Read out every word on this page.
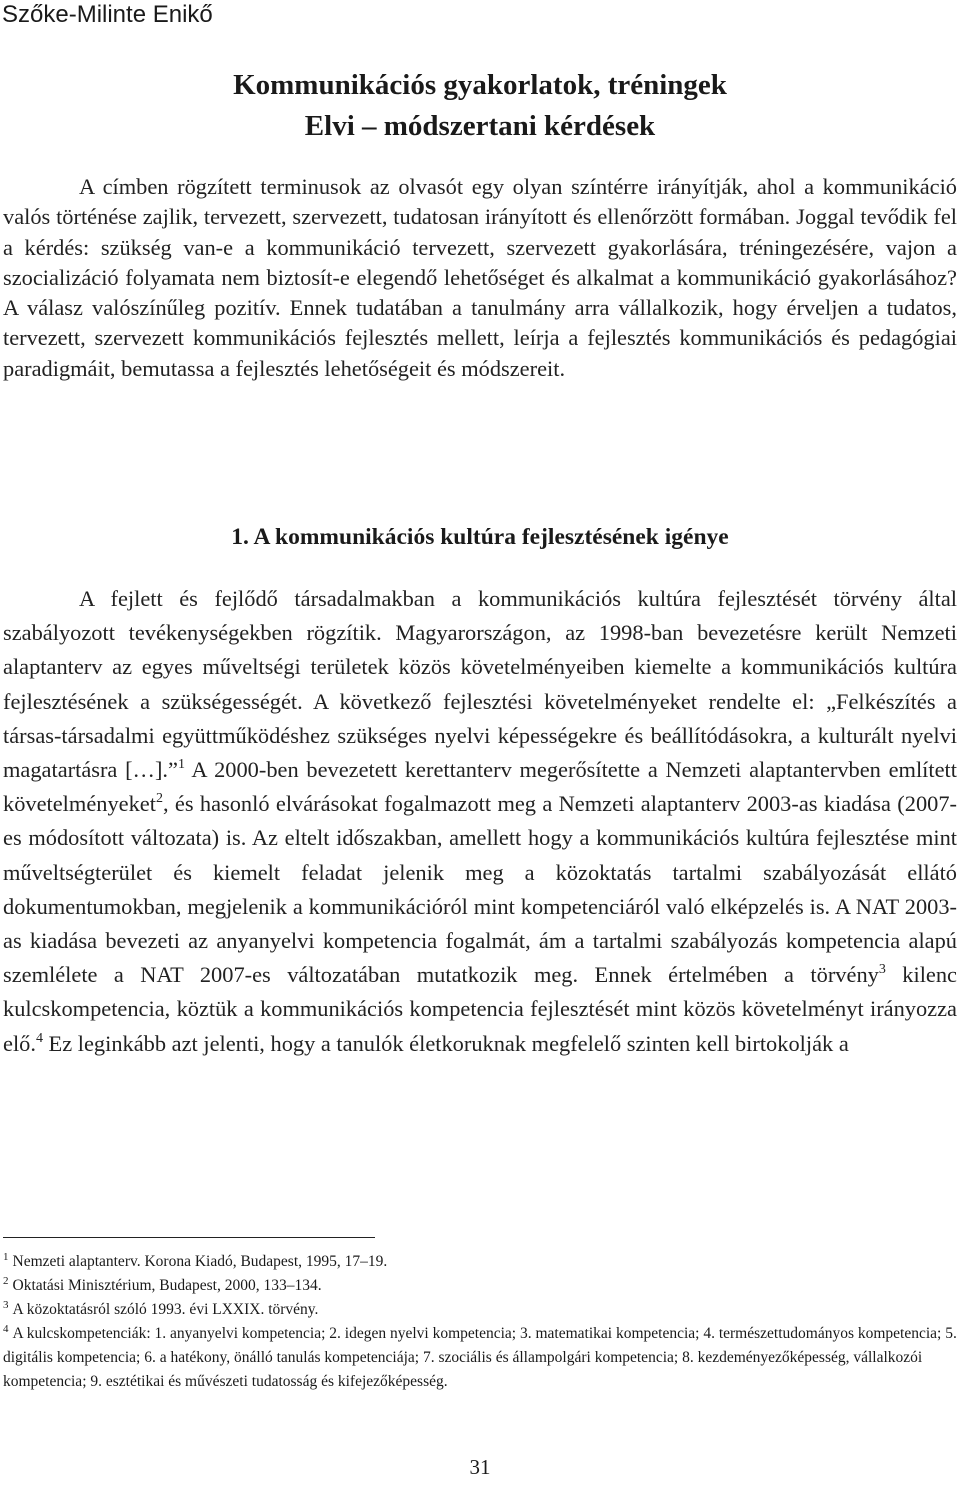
Szőke-Milinte Enikő
Kommunikációs gyakorlatok, tréningek
Elvi – módszertani kérdések

A címben rögzített terminusok az olvasót egy olyan színtérre irányítják, ahol a kommunikáció valós történése zajlik, tervezett, szervezett, tudatosan irányított és ellenőrzött formában. Joggal tevődik fel a kérdés: szükség van-e a kommunikáció tervezett, szervezett gyakorlására, tréningezésére, vajon a szocializáció folyamata nem biztosít-e elegendő lehetőséget és alkalmat a kommunikáció gyakorlásához? A válasz valószínűleg pozitív. Ennek tudatában a tanulmány arra vállalkozik, hogy érveljen a tudatos, tervezett, szervezett kommunikációs fejlesztés mellett, leírja a fejlesztés kommunikációs és pedagógiai paradigmáit, bemutassa a fejlesztés lehetőségeit és módszereit.

1. A kommunikációs kultúra fejlesztésének igénye

A fejlett és fejlődő társadalmakban a kommunikációs kultúra fejlesztését törvény által szabályozott tevékenységekben rögzítik. Magyarországon, az 1998-ban bevezetésre került Nemzeti alaptanterv az egyes műveltségi területek közös követelményeiben kiemelte a kommunikációs kultúra fejlesztésének a szükségességét. A következő fejlesztési követelményeket rendelte el: „Felkészítés a társas-társadalmi együttműködéshez szükséges nyelvi képességekre és beállítódásokra, a kulturált nyelvi magatartásra […].”$^1$ A 2000-ben bevezetett kerettanterv megerősítette a Nemzeti alaptantervben említett követelményeket$^2$, és hasonló elvárásokat fogalmazott meg a Nemzeti alaptanterv 2003-as kiadása (2007-es módosított változata) is. Az eltelt időszakban, amellett hogy a kommunikációs kultúra fejlesztése mint műveltségterület és kiemelt feladat jelenik meg a közoktatás tartalmi szabályozását ellátó dokumentumokban, megjelenik a kommunikációról mint kompetenciáról való elképzelés is. A NAT 2003-as kiadása bevezeti az anyanyelvi kompetencia fogalmát, ám a tartalmi szabályozás kompetencia alapú szemlélete a NAT 2007-es változatában mutatkozik meg. Ennek értelmében a törvény$^3$ kilenc kulcskompetencia, köztük a kommunikációs kompetencia fejlesztését mint közös követelményt irányozza elő.$^4$ Ez leginkább azt jelenti, hogy a tanulók életkoruknak megfelelő szinten kell birtokolják a

$^1$ Nemzeti alaptanterv. Korona Kiadó, Budapest, 1995, 17–19.

$^2$ Oktatási Minisztérium, Budapest, 2000, 133–134.

$^3$ A közoktatásról szóló 1993. évi LXXIX. törvény.

$^4$ A kulcskompetenciák: 1. anyanyelvi kompetencia; 2. idegen nyelvi kompetencia; 3. matematikai kompetencia; 4. természettudományos kompetencia; 5. digitális kompetencia; 6. a hatékony, önálló tanulás kompetenciája; 7. szociális és állampolgári kompetencia; 8. kezdeményezőképesség, vállalkozói kompetencia; 9. esztétikai és művészeti tudatosság és kifejezőképesség.

31
